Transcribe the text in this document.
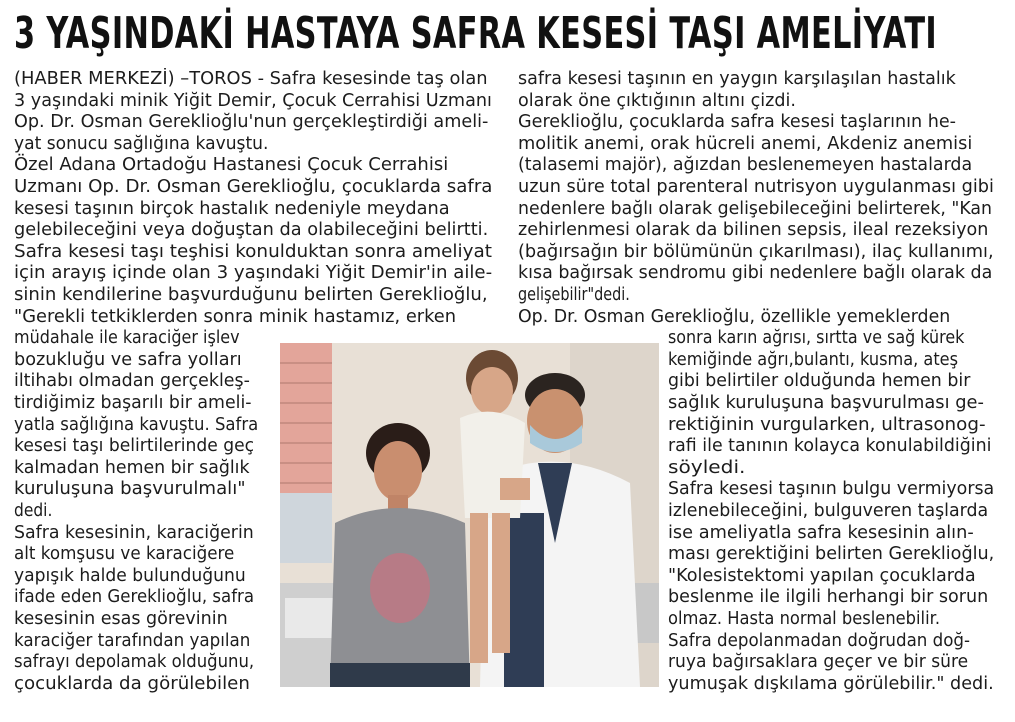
3 YAŞINDAKİ HASTAYA SAFRA KESESİ TAŞI AMELİYATI
(HABER MERKEZİ) –TOROS - Safra kesesinde taş olan
3 yaşındaki minik Yiğit Demir, Çocuk Cerrahisi Uzmanı
Op. Dr. Osman Gerekli̇oğlu'nun gerçekleştirdiği ameli-
yat sonucu sağlığına kavuştu.
Özel Adana Ortadoğu Hastanesi Çocuk Cerrahisi
Uzmanı Op. Dr. Osman Gereklioğlu, çocuklarda safra
kesesi taşının birçok hastalık nedeniyle meydana
gelebileceğini veya doğuştan da olabileceğini belirtti.
Safra kesesi taşı teşhisi konulduktan sonra ameliyat
için arayış içinde olan 3 yaşındaki Yiğit Demir'in aile-
sinin kendilerine başvurduğunu belirten Gereklioğlu,
"Gerekli tetkiklerden sonra minik hastamız, erken
müdahale ile karaciğer işlev
bozukluğu ve safra yolları
iltihabı olmadan gerçekleş-
tirdiğimiz başarılı bir ameli-
yatla sağlığına kavuştu. Safra
kesesi taşı belirtilerinde geç
kalmadan hemen bir sağlık
kuruluşuna başvurulmalı"
dedi.
Safra kesesinin, karaciğerin
alt komşusu ve karaciğere
yapışık halde bulunduğunu
ifade eden Gereklioğlu, safra
kesesinin esas görevinin
karaciğer tarafından yapılan
safrayı depolamak olduğunu,
çocuklarda da görülebilen
safra kesesi taşının en yaygın karşılaşılan hastalık
olarak öne çıktığının altını çizdi.
Gereklioğlu, çocuklarda safra kesesi taşlarının he-
molitik anemi, orak hücreli anemi, Akdeniz anemisi
(talasemi majör), ağızdan beslenemeyen hastalarda
uzun süre total parenteral nutrisyon uygulanması gibi
nedenlere bağlı olarak gelişebileceğini belirterek, "Kan
zehirlenmesi olarak da bilinen sepsis, ileal rezeksiyon
(bağırsağın bir bölümünün çıkarılması), ilaç kullanımı,
kısa bağırsak sendromu gibi nedenlere bağlı olarak da
gelişebilir"dedi.
Op. Dr. Osman Gereklioğlu, özellikle yemeklerden
sonra karın ağrısı, sırtta ve sağ kürek
kemiğinde ağrı,bulantı, kusma, ateş
gibi belirtiler olduğunda hemen bir
sağlık kuruluşuna başvurulması ge-
rektiğinin vurgularken, ultrasonog-
rafi ile tanının kolayca konulabildiğini
söyledi.
Safra kesesi taşının bulgu vermiyorsa
izlenebileceğini, bulguveren taşlarda
ise ameliyatla safra kesesinin alın-
ması gerektiğini belirten Gereklioğlu,
"Kolesistektomi yapılan çocuklarda
beslenme ile ilgili herhangi bir sorun
olmaz. Hasta normal beslenebilir.
Safra depolanmadan doğrudan doğ-
ruya bağırsaklara geçer ve bir süre
yumuşak dışkılama görülebilir." dedi.
